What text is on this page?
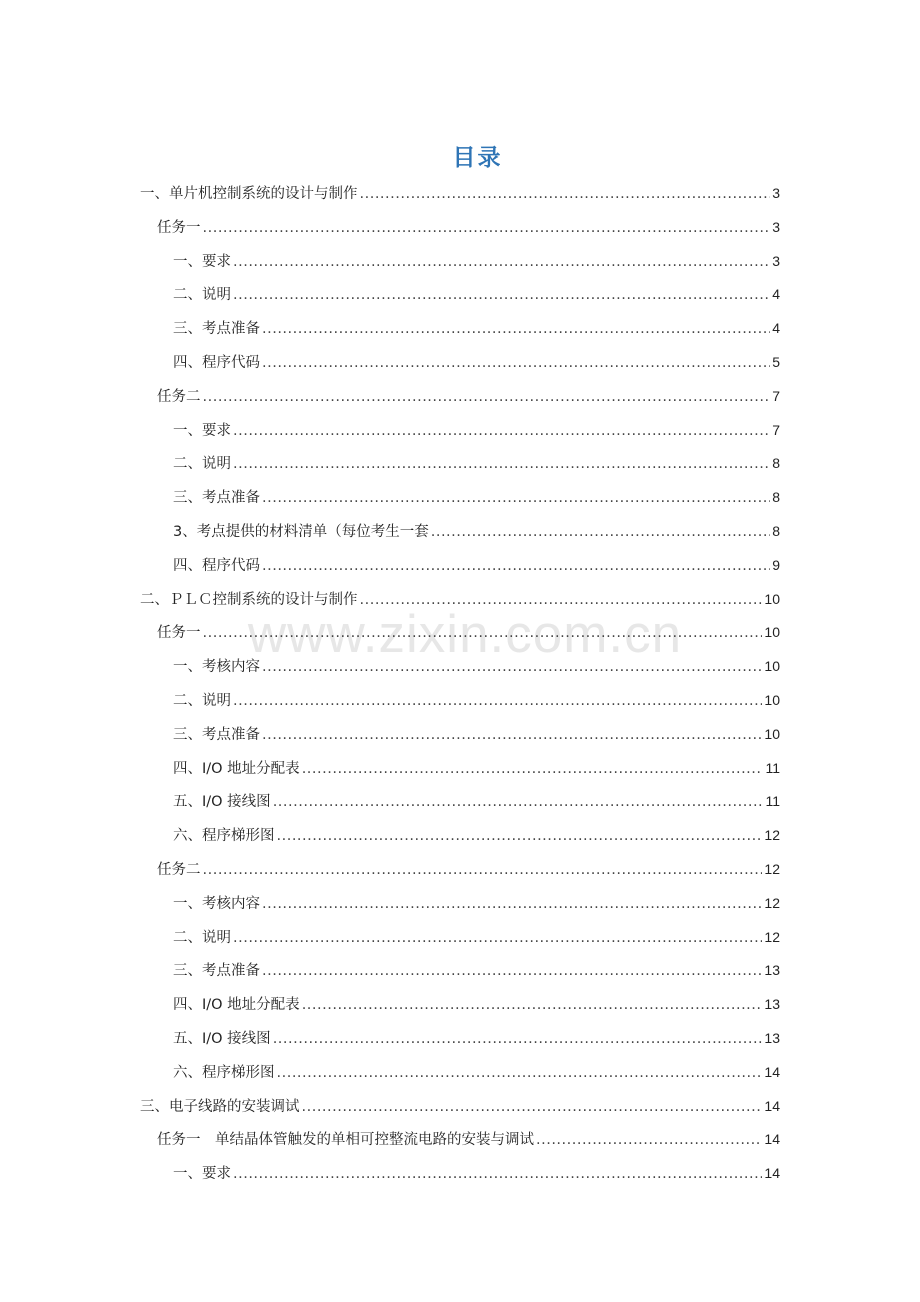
目录
www.zixin.com.cn
一、单片机控制系统的设计与制作 .....	3
任务一 .....	3
一、要求 .....	3
二、说明 .....	4
三、考点准备 .....	4
四、程序代码 .....	5
任务二 .....	7
一、要求 .....	7
二、说明 .....	8
三、考点准备 .....	8
3、考点提供的材料清单（每位考生一套 .....	8
四、程序代码 .....	9
二、ＰＬＣ控制系统的设计与制作 .....	10
任务一 .....	10
一、考核内容 .....	10
二、说明 .....	10
三、考点准备 .....	10
四、I/O 地址分配表 .....	11
五、I/O 接线图 .....	11
六、程序梯形图 .....	12
任务二 .....	12
一、考核内容 .....	12
二、说明 .....	12
三、考点准备 .....	13
四、I/O 地址分配表 .....	13
五、I/O 接线图 .....	13
六、程序梯形图 .....	14
三、电子线路的安装调试 .....	14
任务一　单结晶体管触发的单相可控整流电路的安装与调试 .....	14
一、要求 .....	14
